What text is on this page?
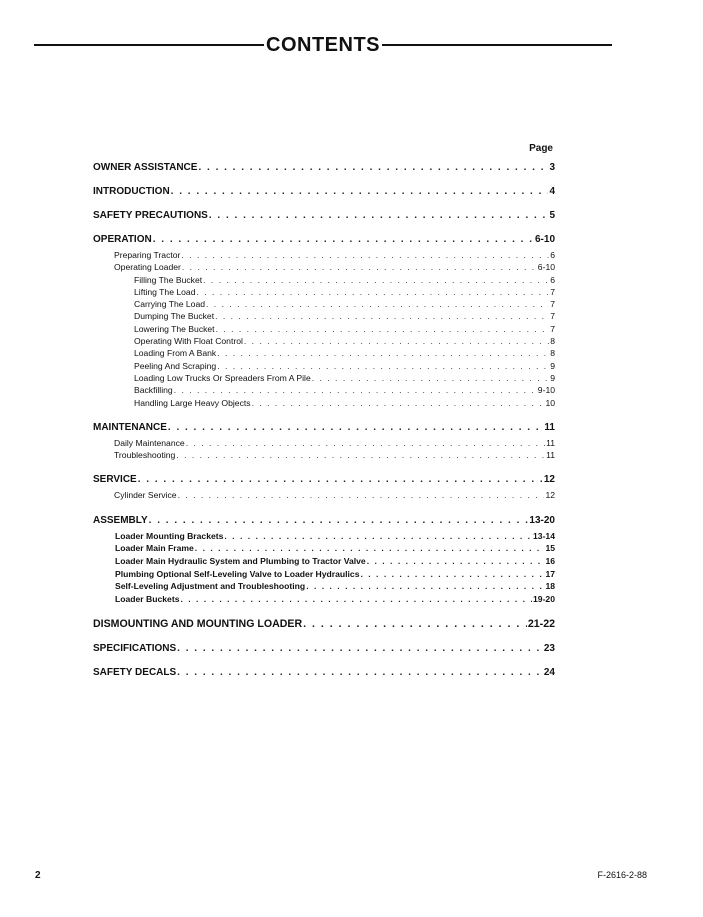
CONTENTS
Page
OWNER ASSISTANCE . . .	3
INTRODUCTION . . .	4
SAFETY PRECAUTIONS . . .	5
OPERATION . . .	6-10
Preparing Tractor . . .	6
Operating Loader . . .	6-10
Filling The Bucket . . .	6
Lifting The Load . . .	7
Carrying The Load . . .	7
Dumping The Bucket . . .	7
Lowering The Bucket . . .	7
Operating With Float Control . . .	8
Loading From A Bank . . .	8
Peeling And Scraping . . .	9
Loading Low Trucks Or Spreaders From A Pile . . .	9
Backfilling . . .	9-10
Handling Large Heavy Objects . . .	10
MAINTENANCE . . .	11
Daily Maintenance . . .	11
Troubleshooting . . .	11
SERVICE . . .	12
Cylinder Service . . .	12
ASSEMBLY . . .	13-20
Loader Mounting Brackets . . .	13-14
Loader Main Frame . . .	15
Loader Main Hydraulic System and Plumbing to Tractor Valve . . .	16
Plumbing Optional Self-Leveling Valve to Loader Hydraulics . . .	17
Self-Leveling Adjustment and Troubleshooting . . .	18
Loader Buckets . . .	19-20
DISMOUNTING AND MOUNTING LOADER . . .	21-22
SPECIFICATIONS . . .	23
SAFETY DECALS . . .	24
2	F-2616-2-88
